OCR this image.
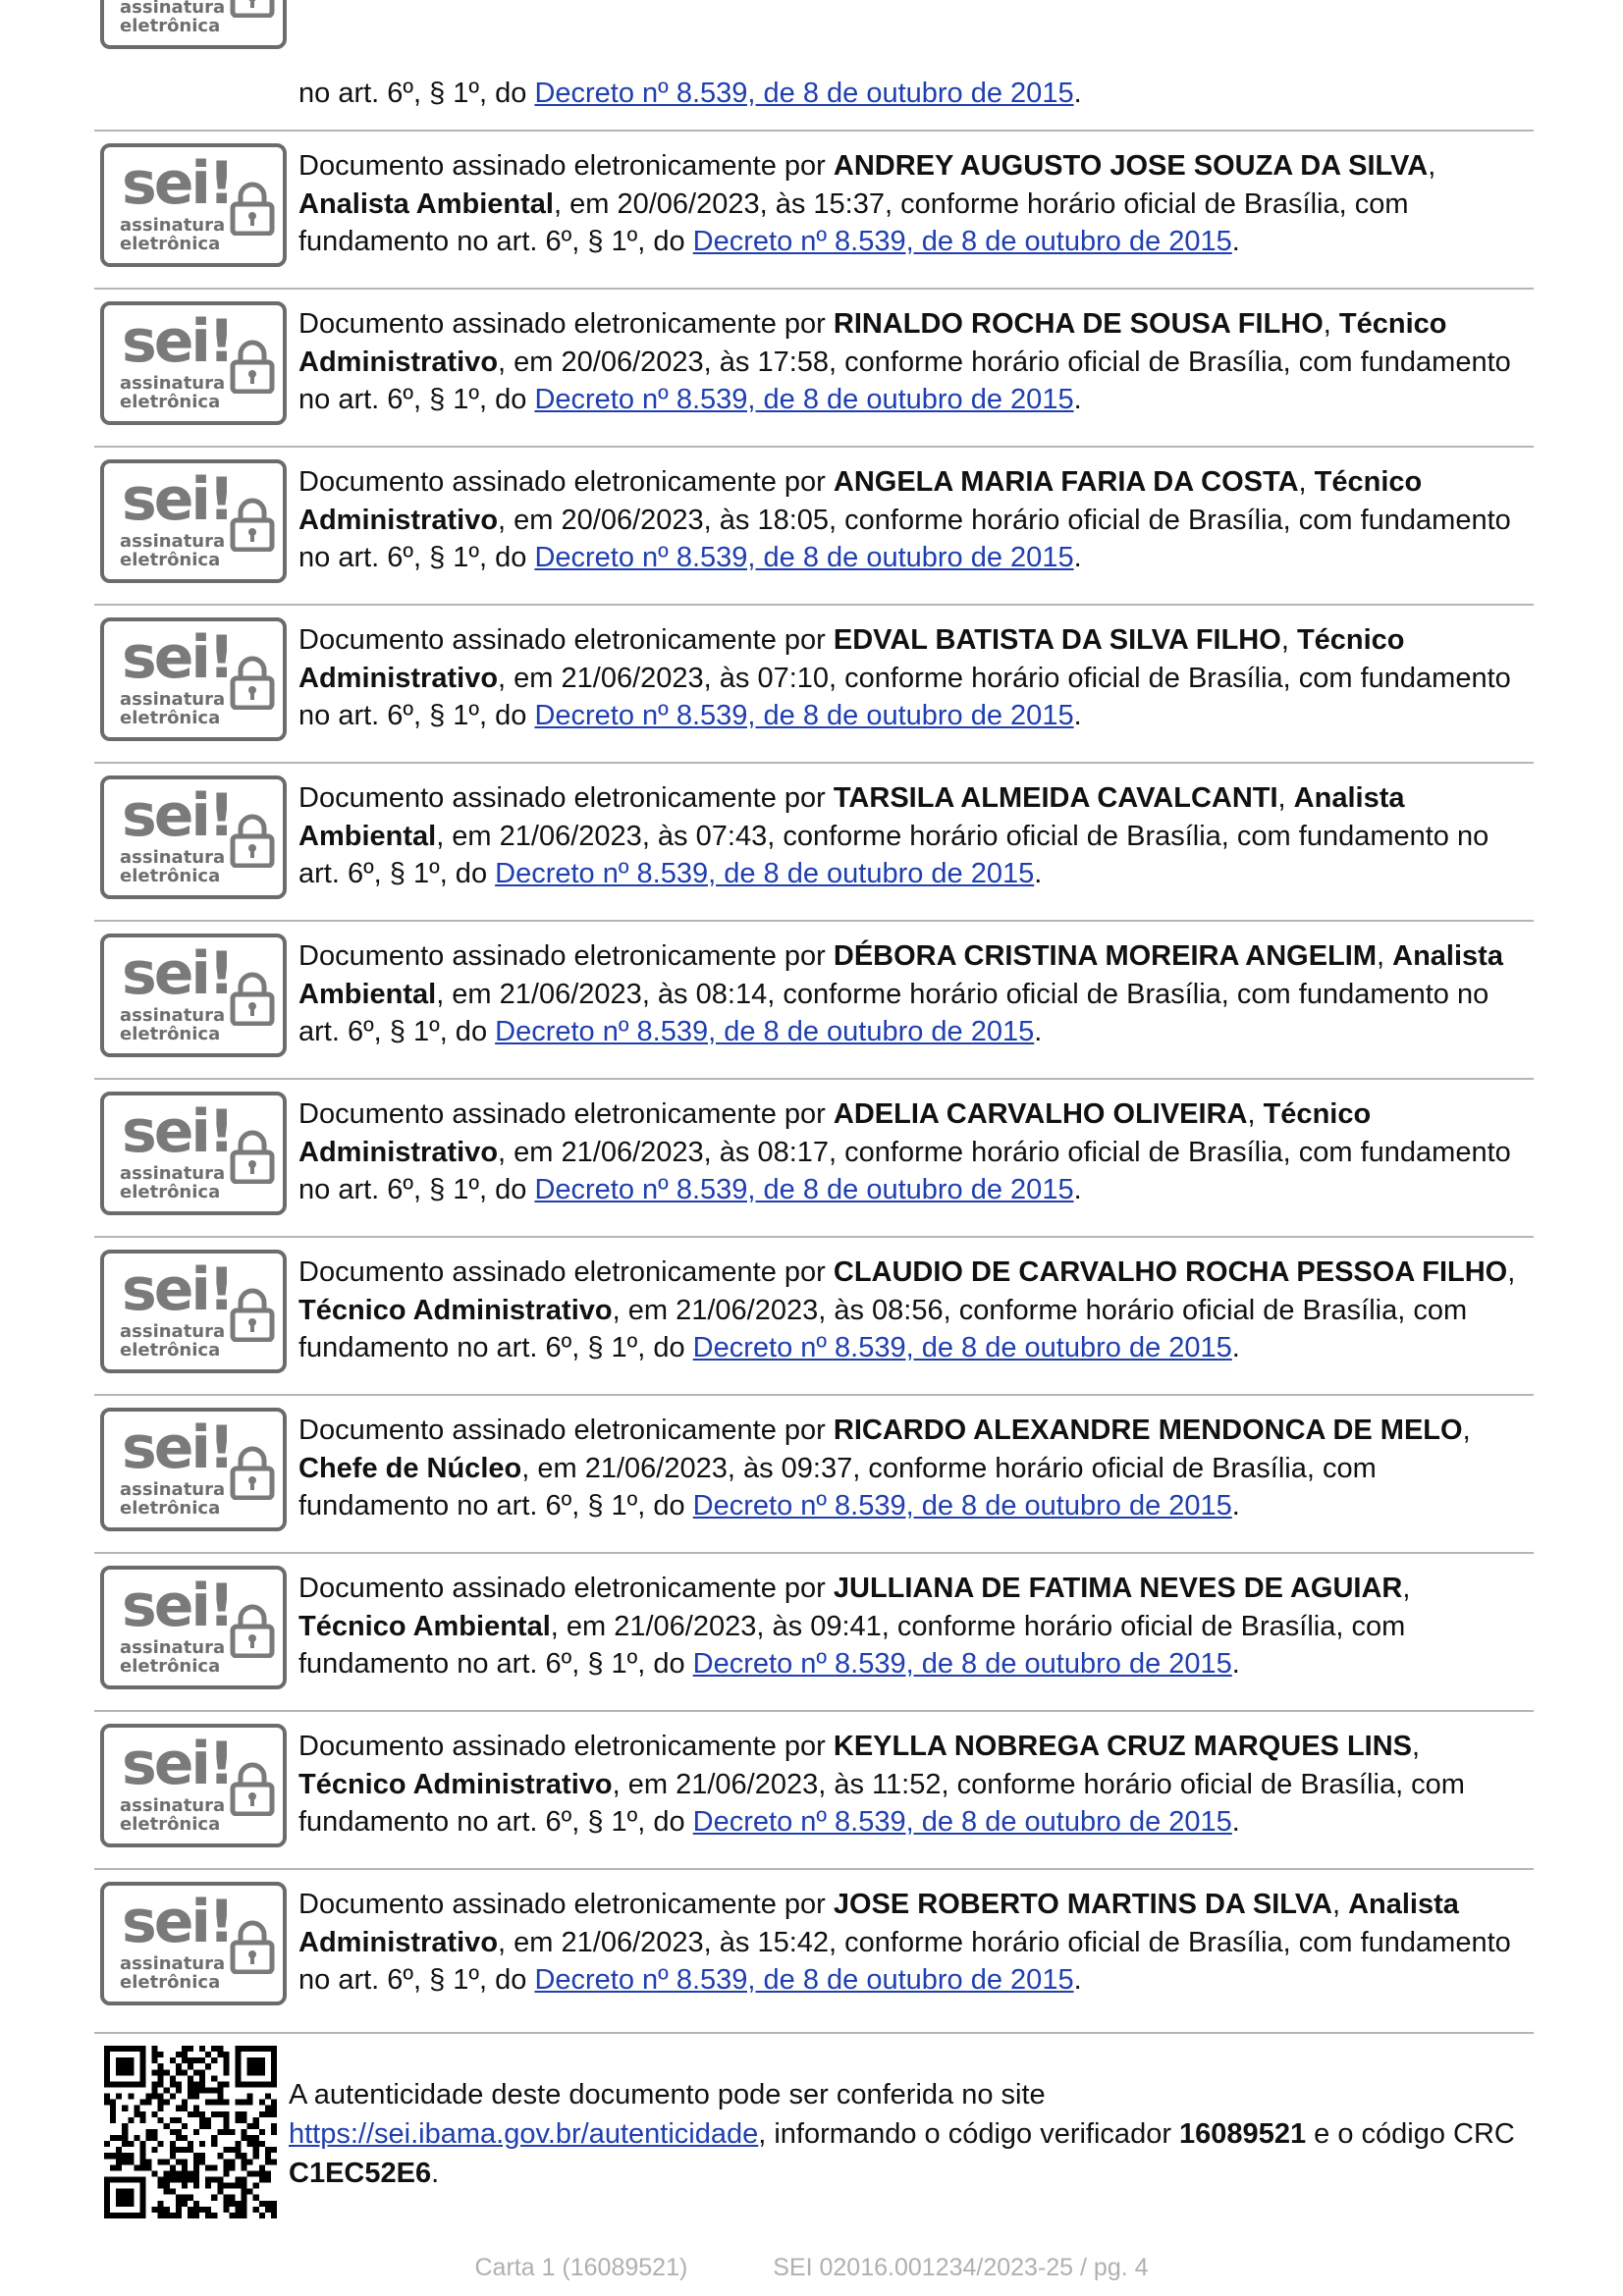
assinatura
eletrônica
no art. 6º, § 1º, do Decreto nº 8.539, de 8 de outubro de 2015.
sei!
assinatura
eletrônica
Documento assinado eletronicamente por ANDREY AUGUSTO JOSE SOUZA DA SILVA, Analista Ambiental, em 20/06/2023, às 15:37, conforme horário oficial de Brasília, com fundamento no art. 6º, § 1º, do Decreto nº 8.539, de 8 de outubro de 2015.
sei!
assinatura
eletrônica
Documento assinado eletronicamente por RINALDO ROCHA DE SOUSA FILHO, Técnico Administrativo, em 20/06/2023, às 17:58, conforme horário oficial de Brasília, com fundamento no art. 6º, § 1º, do Decreto nº 8.539, de 8 de outubro de 2015.
sei!
assinatura
eletrônica
Documento assinado eletronicamente por ANGELA MARIA FARIA DA COSTA, Técnico Administrativo, em 20/06/2023, às 18:05, conforme horário oficial de Brasília, com fundamento no art. 6º, § 1º, do Decreto nº 8.539, de 8 de outubro de 2015.
sei!
assinatura
eletrônica
Documento assinado eletronicamente por EDVAL BATISTA DA SILVA FILHO, Técnico Administrativo, em 21/06/2023, às 07:10, conforme horário oficial de Brasília, com fundamento no art. 6º, § 1º, do Decreto nº 8.539, de 8 de outubro de 2015.
sei!
assinatura
eletrônica
Documento assinado eletronicamente por TARSILA ALMEIDA CAVALCANTI, Analista Ambiental, em 21/06/2023, às 07:43, conforme horário oficial de Brasília, com fundamento no art. 6º, § 1º, do Decreto nº 8.539, de 8 de outubro de 2015.
sei!
assinatura
eletrônica
Documento assinado eletronicamente por DÉBORA CRISTINA MOREIRA ANGELIM, Analista Ambiental, em 21/06/2023, às 08:14, conforme horário oficial de Brasília, com fundamento no art. 6º, § 1º, do Decreto nº 8.539, de 8 de outubro de 2015.
sei!
assinatura
eletrônica
Documento assinado eletronicamente por ADELIA CARVALHO OLIVEIRA, Técnico Administrativo, em 21/06/2023, às 08:17, conforme horário oficial de Brasília, com fundamento no art. 6º, § 1º, do Decreto nº 8.539, de 8 de outubro de 2015.
sei!
assinatura
eletrônica
Documento assinado eletronicamente por CLAUDIO DE CARVALHO ROCHA PESSOA FILHO, Técnico Administrativo, em 21/06/2023, às 08:56, conforme horário oficial de Brasília, com fundamento no art. 6º, § 1º, do Decreto nº 8.539, de 8 de outubro de 2015.
sei!
assinatura
eletrônica
Documento assinado eletronicamente por RICARDO ALEXANDRE MENDONCA DE MELO, Chefe de Núcleo, em 21/06/2023, às 09:37, conforme horário oficial de Brasília, com fundamento no art. 6º, § 1º, do Decreto nº 8.539, de 8 de outubro de 2015.
sei!
assinatura
eletrônica
Documento assinado eletronicamente por JULLIANA DE FATIMA NEVES DE AGUIAR, Técnico Ambiental, em 21/06/2023, às 09:41, conforme horário oficial de Brasília, com fundamento no art. 6º, § 1º, do Decreto nº 8.539, de 8 de outubro de 2015.
sei!
assinatura
eletrônica
Documento assinado eletronicamente por KEYLLA NOBREGA CRUZ MARQUES LINS, Técnico Administrativo, em 21/06/2023, às 11:52, conforme horário oficial de Brasília, com fundamento no art. 6º, § 1º, do Decreto nº 8.539, de 8 de outubro de 2015.
sei!
assinatura
eletrônica
Documento assinado eletronicamente por JOSE ROBERTO MARTINS DA SILVA, Analista Administrativo, em 21/06/2023, às 15:42, conforme horário oficial de Brasília, com fundamento no art. 6º, § 1º, do Decreto nº 8.539, de 8 de outubro de 2015.
A autenticidade deste documento pode ser conferida no site
https://sei.ibama.gov.br/autenticidade, informando o código verificador 16089521 e o código CRC C1EC52E6.
Carta 1 (16089521)	SEI 02016.001234/2023-25 / pg. 4
